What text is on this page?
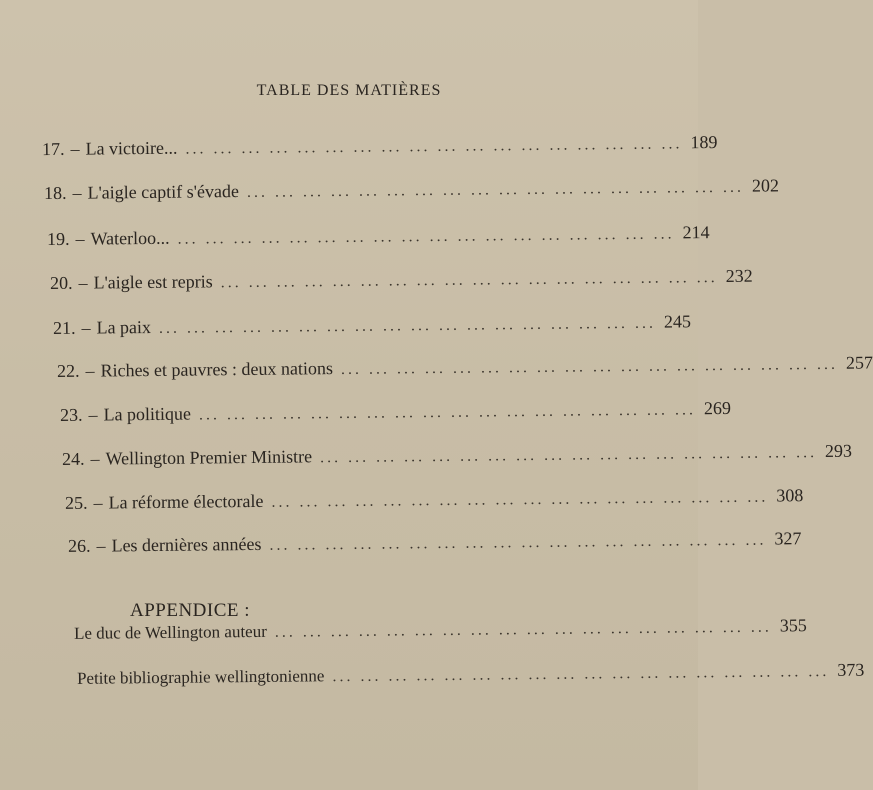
TABLE DES MATIÈRES
17. – La victoire... ... ... ... ... ... ... ... ... ... ... ... ... ... ... ... ... ... ... 189
18. – L'aigle captif s'évade ... ... ... ... ... ... ... ... ... ... ... ... ... ... ... ... ... ... 202
19. – Waterloo... ... ... ... ... ... ... ... ... ... ... ... ... ... ... ... ... ... ... 214
20. – L'aigle est repris ... ... ... ... ... ... ... ... ... ... ... ... ... ... ... ... ... ... 232
21. – La paix ... ... ... ... ... ... ... ... ... ... ... ... ... ... ... ... ... ... 245
22. – Riches et pauvres : deux nations ... ... ... ... ... ... ... ... ... ... ... ... ... ... ... ... ... ... 257
23. – La politique ... ... ... ... ... ... ... ... ... ... ... ... ... ... ... ... ... ... 269
24. – Wellington Premier Ministre ... ... ... ... ... ... ... ... ... ... ... ... ... ... ... ... ... ... 293
25. – La réforme électorale ... ... ... ... ... ... ... ... ... ... ... ... ... ... ... ... ... ... 308
26. – Les dernières années ... ... ... ... ... ... ... ... ... ... ... ... ... ... ... ... ... ... 327
APPENDICE :
Le duc de Wellington auteur ... ... ... ... ... ... ... ... ... ... ... ... ... ... ... ... ... ... 355
Petite bibliographie wellingtonienne ... ... ... ... ... ... ... ... ... ... ... ... ... ... ... ... ... ... 373
